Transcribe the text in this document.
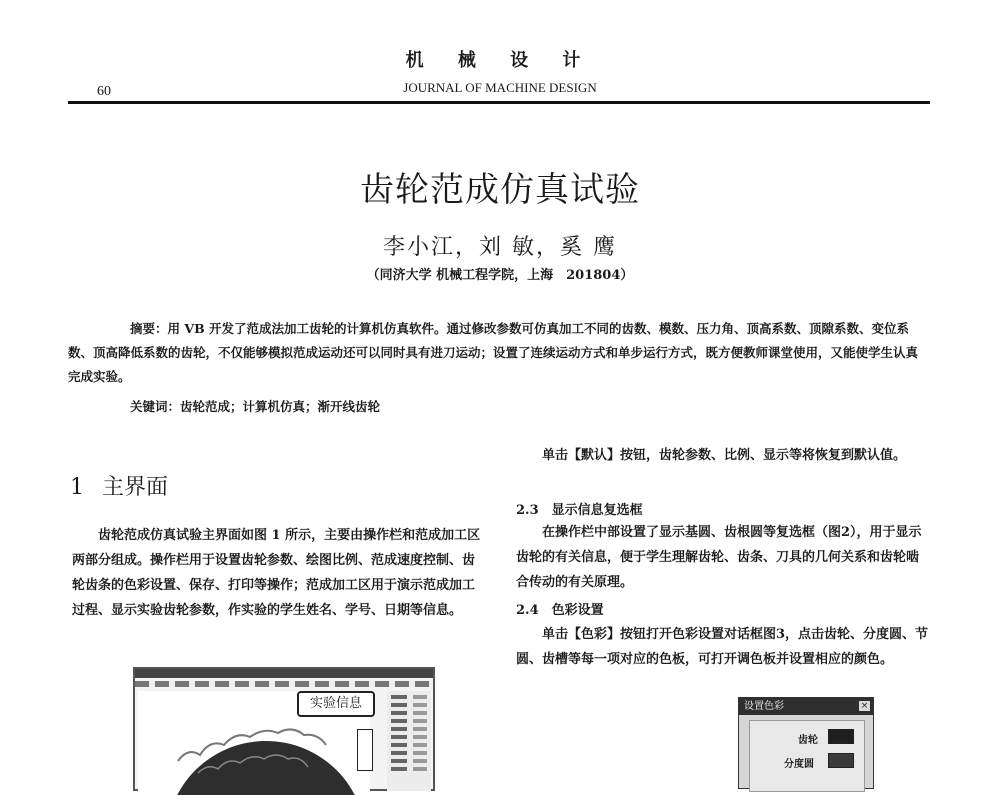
机 械 设 计
JOURNAL OF MACHINE DESIGN
60
齿轮范成仿真试验
李小江，刘 敏，奚 鹰
（同济大学 机械工程学院，上海　201804）
摘要：用 VB 开发了范成法加工齿轮的计算机仿真软件。通过修改参数可仿真加工不同的齿数、模数、压力角、顶高系数、顶隙系数、变位系数、顶高降低系数的齿轮，不仅能够模拟范成运动还可以同时具有进刀运动；设置了连续运动方式和单步运行方式，既方便教师课堂使用，又能使学生认真完成实验。
关键词：齿轮范成；计算机仿真；渐开线齿轮
1 主界面
齿轮范成仿真试验主界面如图 1 所示，主要由操作栏和范成加工区两部分组成。操作栏用于设置齿轮参数、绘图比例、范成速度控制、齿轮齿条的色彩设置、保存、打印等操作；范成加工区用于演示范成加工过程、显示实验齿轮参数，作实验的学生姓名、学号、日期等信息。
单击【默认】按钮，齿轮参数、比例、显示等将恢复到默认值。
2.3　显示信息复选框
在操作栏中部设置了显示基圆、齿根圆等复选框（图2），用于显示齿轮的有关信息，便于学生理解齿轮、齿条、刀具的几何关系和齿轮啮合传动的有关原理。
2.4　色彩设置
单击【色彩】按钮打开色彩设置对话框图3，点击齿轮、分度圆、节圆、齿槽等每一项对应的色板，可打开调色板并设置相应的颜色。
实验信息	设置色彩	×
齿轮
分度圆
